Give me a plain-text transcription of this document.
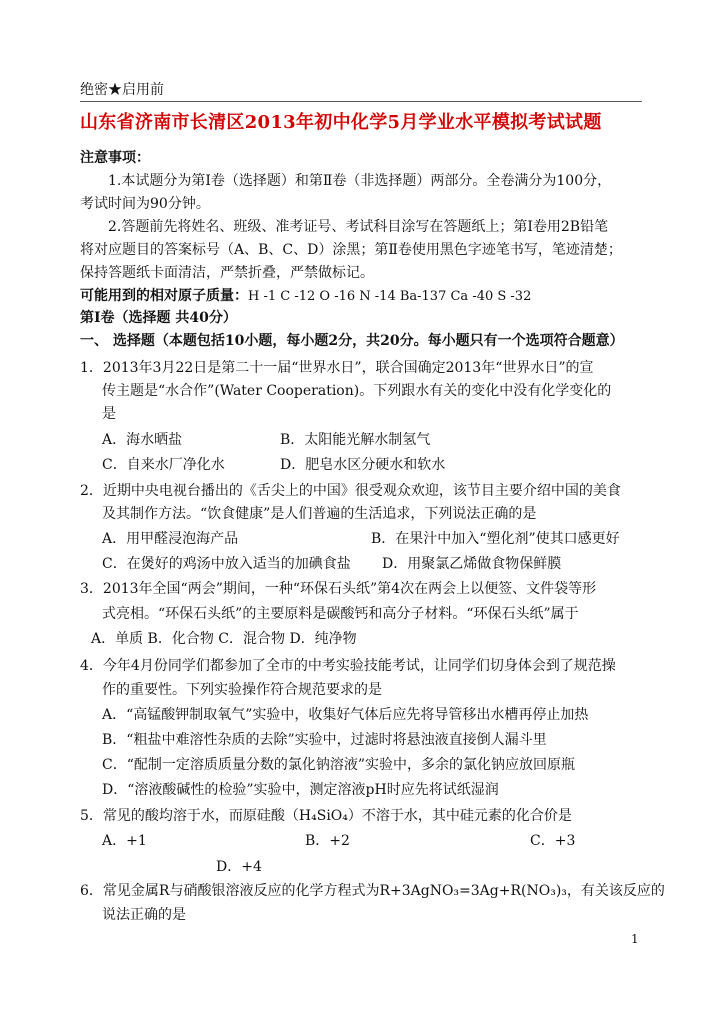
绝密★启用前
山东省济南市长清区2013年初中化学5月学业水平模拟考试试题
注意事项：
1.本试题分为第Ⅰ卷（选择题）和第Ⅱ卷（非选择题）两部分。全卷满分为100分，
考试时间为90分钟。
2.答题前先将姓名、班级、准考证号、考试科目涂写在答题纸上；第Ⅰ卷用2B铅笔
将对应题目的答案标号（A、B、C、D）涂黑；第Ⅱ卷使用黑色字迹笔书写，笔迹清楚；
保持答题纸卡面清洁，严禁折叠，严禁做标记。
可能用到的相对原子质量：H -1 C -12 O -16 N -14 Ba-137 Ca -40 S -32
第Ⅰ卷（选择题 共40分）
一、 选择题（本题包括10小题，每小题2分，共20分。每小题只有一个选项符合题意）
1．2013年3月22日是第二十一届“世界水日”，联合国确定2013年“世界水日”的宣
传主题是“水合作”(Water Cooperation)。下列跟水有关的变化中没有化学变化的
是
A．海水晒盐	B．太阳能光解水制氢气
C．自来水厂净化水	D．肥皂水区分硬水和软水
2．近期中央电视台播出的《舌尖上的中国》很受观众欢迎，该节目主要介绍中国的美食
及其制作方法。“饮食健康”是人们普遍的生活追求，下列说法正确的是
A．用甲醛浸泡海产品	B．在果汁中加入“塑化剂”使其口感更好
C．在煲好的鸡汤中放入适当的加碘食盐 D．用聚氯乙烯做食物保鲜膜
3．2013年全国“两会”期间，一种“环保石头纸”第4次在两会上以便签、文件袋等形
式亮相。“环保石头纸”的主要原料是碳酸钙和高分子材料。“环保石头纸”属于
A．单质 B．化合物 C．混合物 D．纯净物
4．今年4月份同学们都参加了全市的中考实验技能考试，让同学们切身体会到了规范操
作的重要性。下列实验操作符合规范要求的是
A．“高锰酸钾制取氧气”实验中，收集好气体后应先将导管移出水槽再停止加热
B．“粗盐中难溶性杂质的去除”实验中，过滤时将悬浊液直接倒人漏斗里
C．“配制一定溶质质量分数的氯化钠溶液”实验中，多余的氯化钠应放回原瓶
D．“溶液酸碱性的检验”实验中，测定溶液pH时应先将试纸湿润
5．常见的酸均溶于水，而原硅酸（H₄SiO₄）不溶于水，其中硅元素的化合价是
A．+1	B．+2	C．+3
D．+4
6．常见金属R与硝酸银溶液反应的化学方程式为R+3AgNO₃=3Ag+R(NO₃)₃，有关该反应的
说法正确的是
1
